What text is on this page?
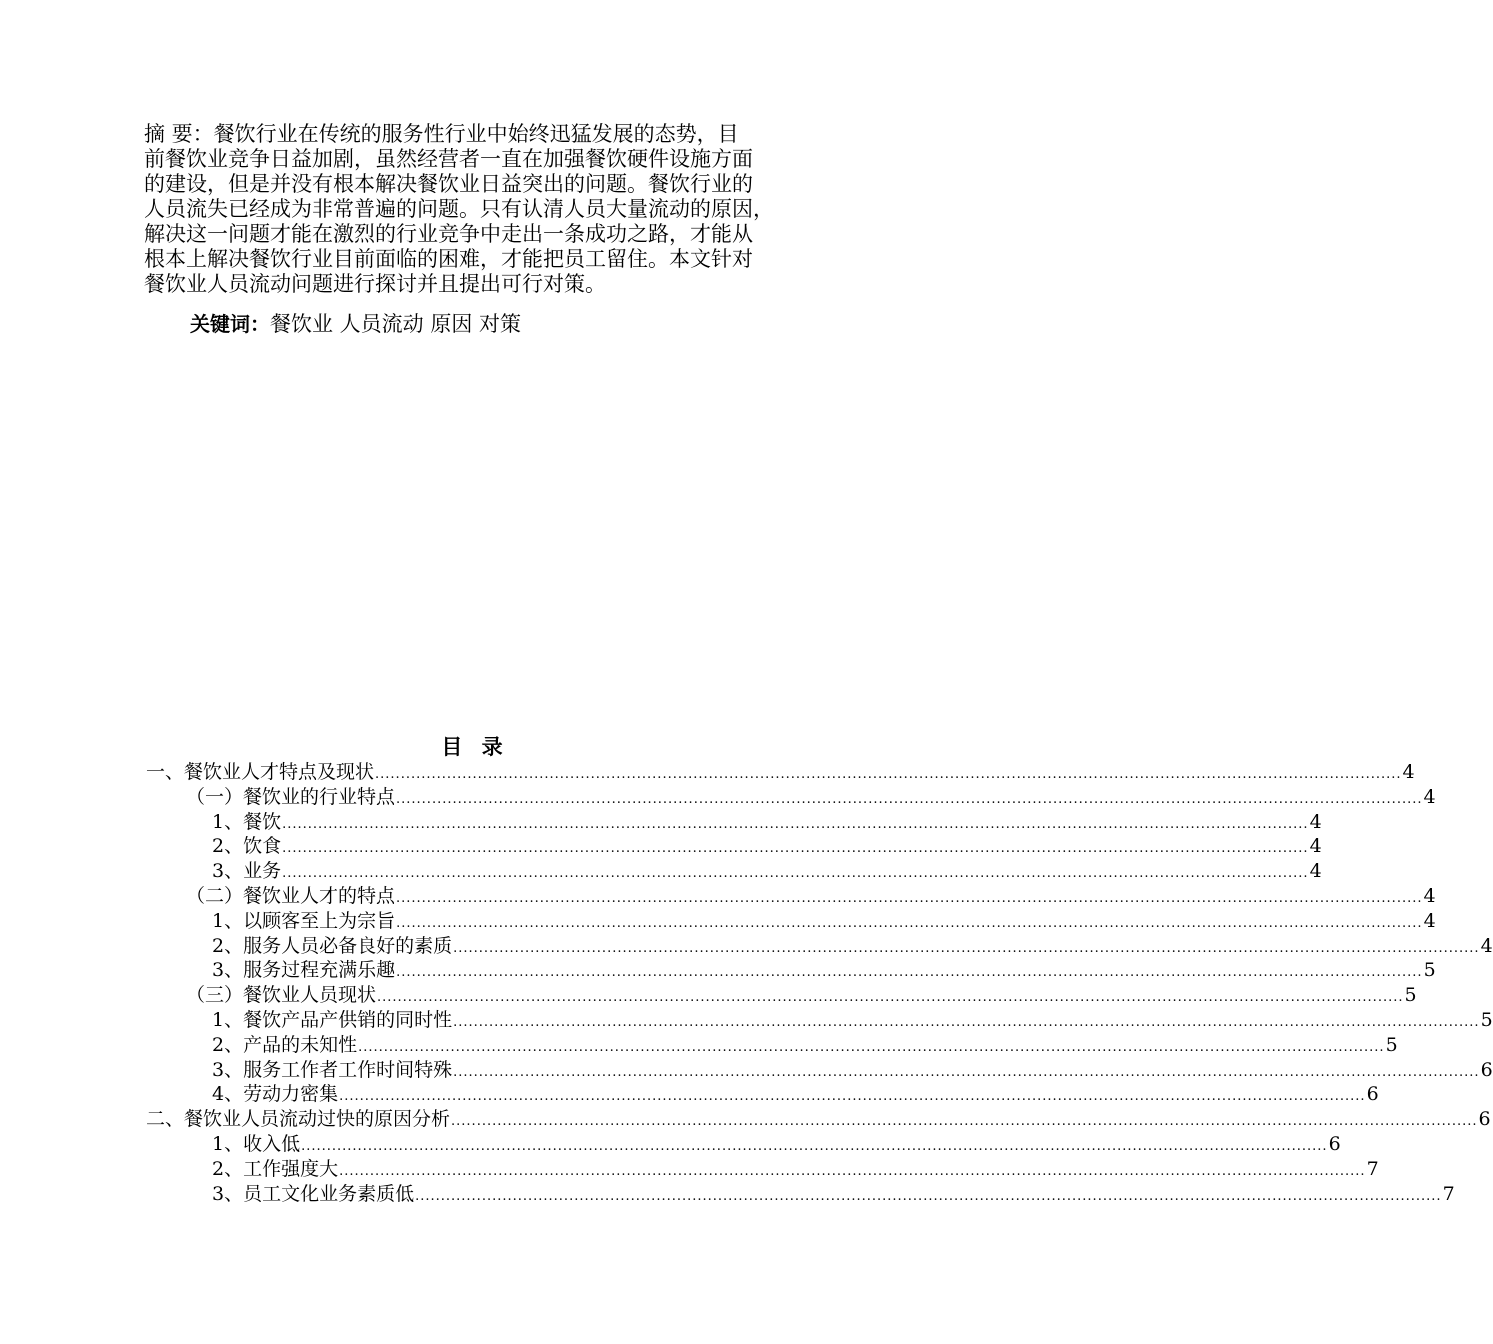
摘 要：餐饮行业在传统的服务性行业中始终迅猛发展的态势，目
前餐饮业竞争日益加剧，虽然经营者一直在加强餐饮硬件设施方面
的建设，但是并没有根本解决餐饮业日益突出的问题。餐饮行业的
人员流失已经成为非常普遍的问题。只有认清人员大量流动的原因，
解决这一问题才能在激烈的行业竞争中走出一条成功之路，才能从
根本上解决餐饮行业目前面临的困难，才能把员工留住。本文针对
餐饮业人员流动问题进行探讨并且提出可行对策。
关键词：餐饮业 人员流动 原因 对策
目 录
一、 餐饮业人才特点及现状 ........................................................................................................................................................................................................ 4
（一）餐饮业的行业特点 ........................................................................................................................................................................................................ 4
1、餐饮 ........................................................................................................................................................................................................ 4
2、饮食 ........................................................................................................................................................................................................ 4
3、业务 ........................................................................................................................................................................................................ 4
（二）餐饮业人才的特点 ........................................................................................................................................................................................................ 4
1、以顾客至上为宗旨 ........................................................................................................................................................................................................ 4
2、服务人员必备良好的素质 ........................................................................................................................................................................................................ 4
3、服务过程充满乐趣 ........................................................................................................................................................................................................ 5
（三）餐饮业人员现状 ........................................................................................................................................................................................................ 5
1、餐饮产品产供销的同时性 ........................................................................................................................................................................................................ 5
2、产品的未知性 ........................................................................................................................................................................................................ 5
3、服务工作者工作时间特殊 ........................................................................................................................................................................................................ 6
4、劳动力密集 ........................................................................................................................................................................................................ 6
二、 餐饮业人员流动过快的原因分析 ........................................................................................................................................................................................................ 6
1、收入低 ........................................................................................................................................................................................................ 6
2、工作强度大 ........................................................................................................................................................................................................ 7
3、员工文化业务素质低 ........................................................................................................................................................................................................ 7
